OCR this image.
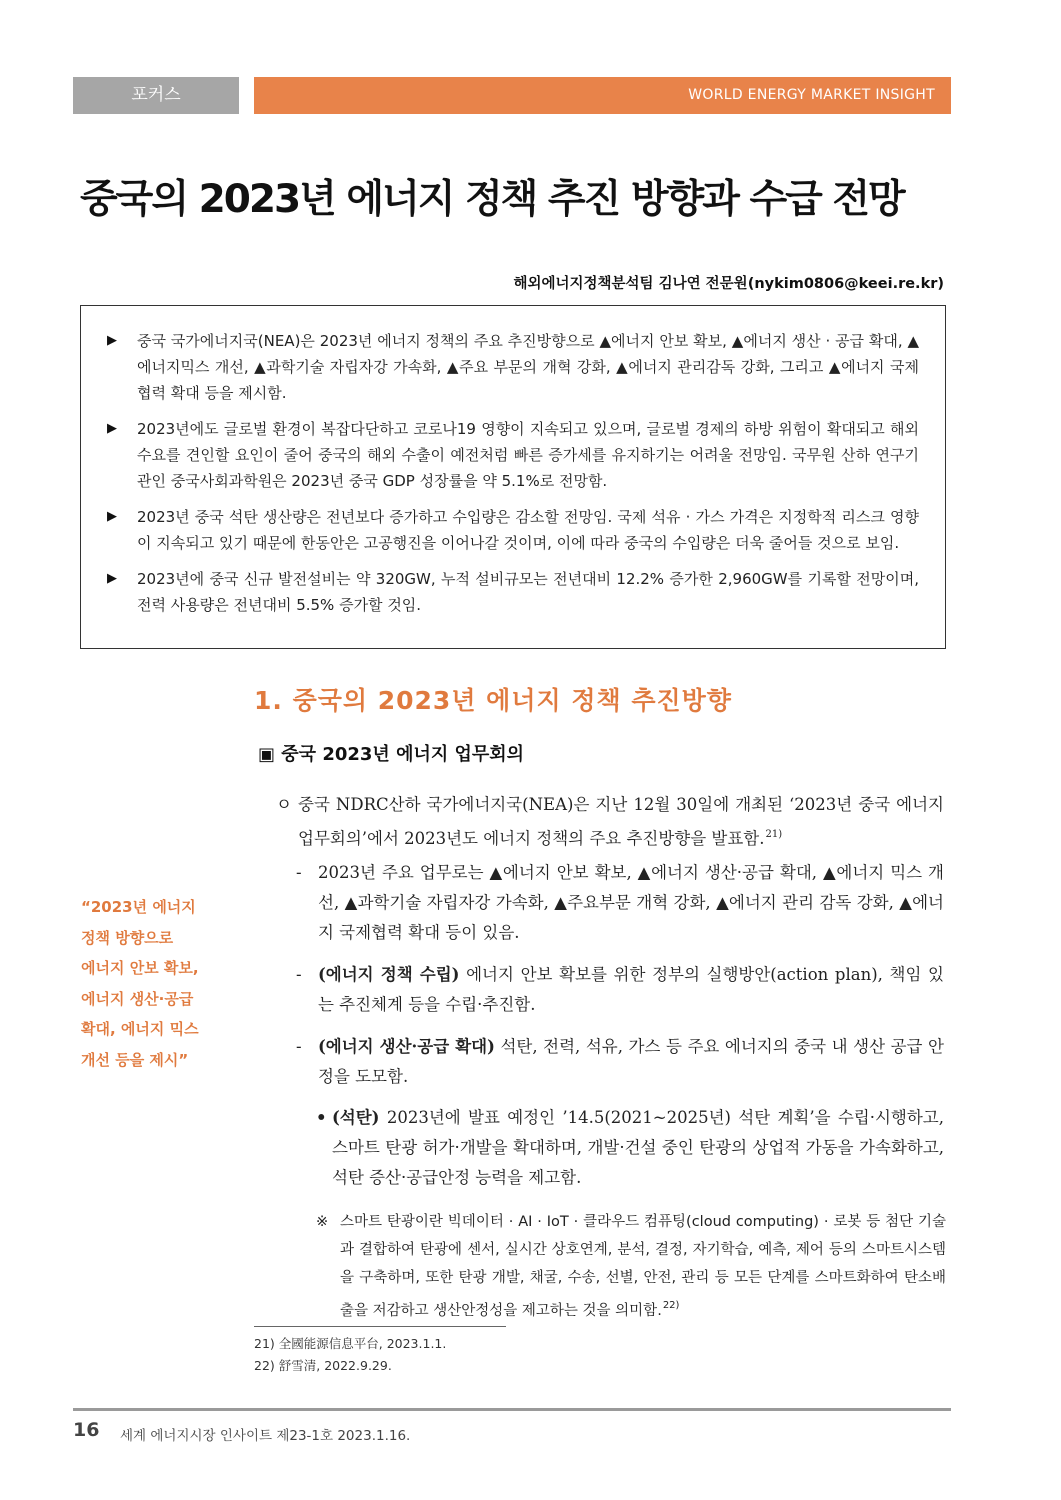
포커스	WORLD ENERGY MARKET INSIGHT
중국의 2023년 에너지 정책 추진 방향과 수급 전망
해외에너지정책분석팀 김나연 전문원(nykim0806@keei.re.kr)
▶ 중국 국가에너지국(NEA)은 2023년 에너지 정책의 주요 추진방향으로 ▲에너지 안보 확보, ▲에너지 생산 · 공급 확대, ▲에너지믹스 개선, ▲과학기술 자립자강 가속화, ▲주요 부문의 개혁 강화, ▲에너지 관리감독 강화, 그리고 ▲에너지 국제협력 확대 등을 제시함.
▶ 2023년에도 글로벌 환경이 복잡다단하고 코로나19 영향이 지속되고 있으며, 글로벌 경제의 하방 위험이 확대되고 해외 수요를 견인할 요인이 줄어 중국의 해외 수출이 예전처럼 빠른 증가세를 유지하기는 어려울 전망임. 국무원 산하 연구기관인 중국사회과학원은 2023년 중국 GDP 성장률을 약 5.1%로 전망함.
▶ 2023년 중국 석탄 생산량은 전년보다 증가하고 수입량은 감소할 전망임. 국제 석유 · 가스 가격은 지정학적 리스크 영향이 지속되고 있기 때문에 한동안은 고공행진을 이어나갈 것이며, 이에 따라 중국의 수입량은 더욱 줄어들 것으로 보임.
▶ 2023년에 중국 신규 발전설비는 약 320GW, 누적 설비규모는 전년대비 12.2% 증가한 2,960GW를 기록할 전망이며, 전력 사용량은 전년대비 5.5% 증가할 것임.
1. 중국의 2023년 에너지 정책 추진방향
▣ 중국 2023년 에너지 업무회의
ㅇ 중국 NDRC산하 국가에너지국(NEA)은 지난 12월 30일에 개최된 ‘2023년 중국 에너지 업무회의’에서 2023년도 에너지 정책의 주요 추진방향을 발표함.$^{21)}$
- 2023년 주요 업무로는 ▲에너지 안보 확보, ▲에너지 생산·공급 확대, ▲에너지 믹스 개선, ▲과학기술 자립자강 가속화, ▲주요부문 개혁 강화, ▲에너지 관리 감독 강화, ▲에너지 국제협력 확대 등이 있음.
- (에너지 정책 수립) 에너지 안보 확보를 위한 정부의 실행방안(action plan), 책임 있는 추진체계 등을 수립·추진함.
- (에너지 생산·공급 확대) 석탄, 전력, 석유, 가스 등 주요 에너지의 중국 내 생산 공급 안정을 도모함.
• (석탄) 2023년에 발표 예정인 ’14.5(2021~2025년) 석탄 계획’을 수립·시행하고, 스마트 탄광 허가·개발을 확대하며, 개발·건설 중인 탄광의 상업적 가동을 가속화하고, 석탄 증산·공급안정 능력을 제고함.
※ 스마트 탄광이란 빅데이터 · AI · IoT · 클라우드 컴퓨팅(cloud computing) · 로봇 등 첨단 기술과 결합하여 탄광에 센서, 실시간 상호연계, 분석, 결정, 자기학습, 예측, 제어 등의 스마트시스템을 구축하며, 또한 탄광 개발, 채굴, 수송, 선별, 안전, 관리 등 모든 단계를 스마트화하여 탄소배출을 저감하고 생산안정성을 제고하는 것을 의미함.$^{22)}$
“2023년 에너지
정책 방향으로
에너지 안보 확보,
에너지 생산·공급
확대, 에너지 믹스
개선 등을 제시”
21) 全國能源信息平台, 2023.1.1.
22) 舒雪清, 2022.9.29.
16 세계 에너지시장 인사이트 제23-1호 2023.1.16.
